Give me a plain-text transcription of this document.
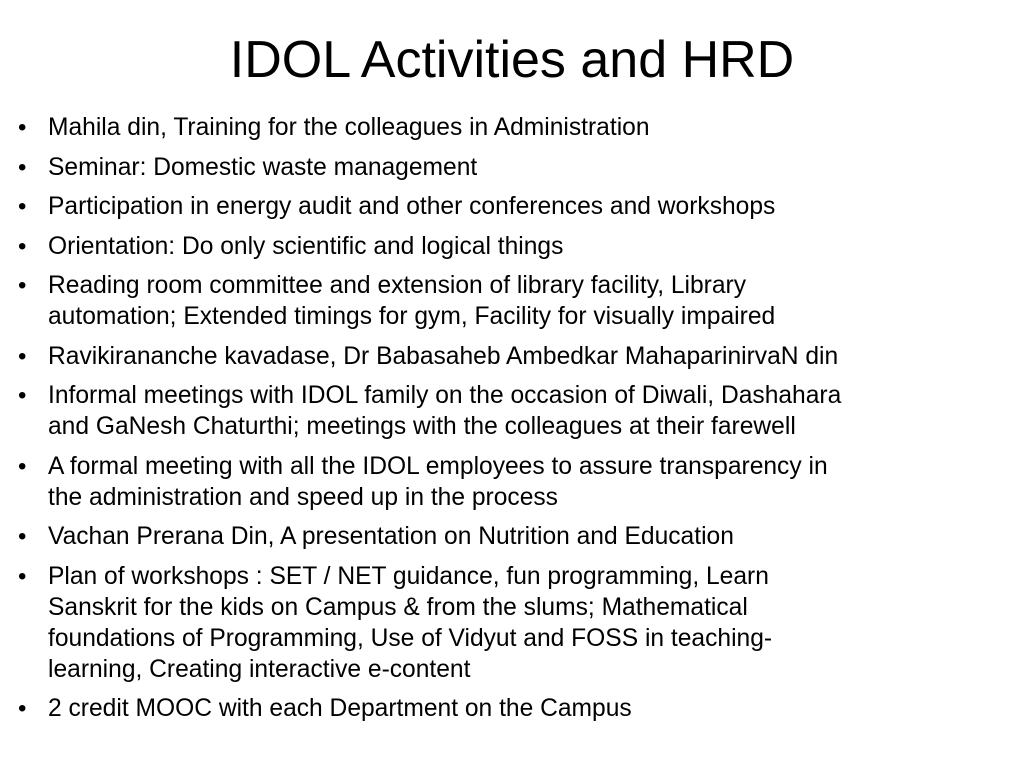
IDOL Activities and HRD
• Mahila din, Training for the colleagues in Administration
• Seminar: Domestic waste management
• Participation in energy audit and other conferences and workshops
• Orientation: Do only scientific and logical things
• Reading room committee and extension of library facility, Library
automation; Extended timings for gym, Facility for visually impaired
• Ravikirananche kavadase, Dr Babasaheb Ambedkar MahaparinirvaN din
• Informal meetings with IDOL family on the occasion of Diwali, Dashahara
and GaNesh Chaturthi; meetings with the colleagues at their farewell
• A formal meeting with all the IDOL employees to assure transparency in
the administration and speed up in the process
• Vachan Prerana Din, A presentation on Nutrition and Education
• Plan of workshops : SET / NET guidance, fun programming, Learn
Sanskrit for the kids on Campus & from the slums; Mathematical
foundations of Programming, Use of Vidyut and FOSS in teaching-
learning, Creating interactive e-content
• 2 credit MOOC with each Department on the Campus
